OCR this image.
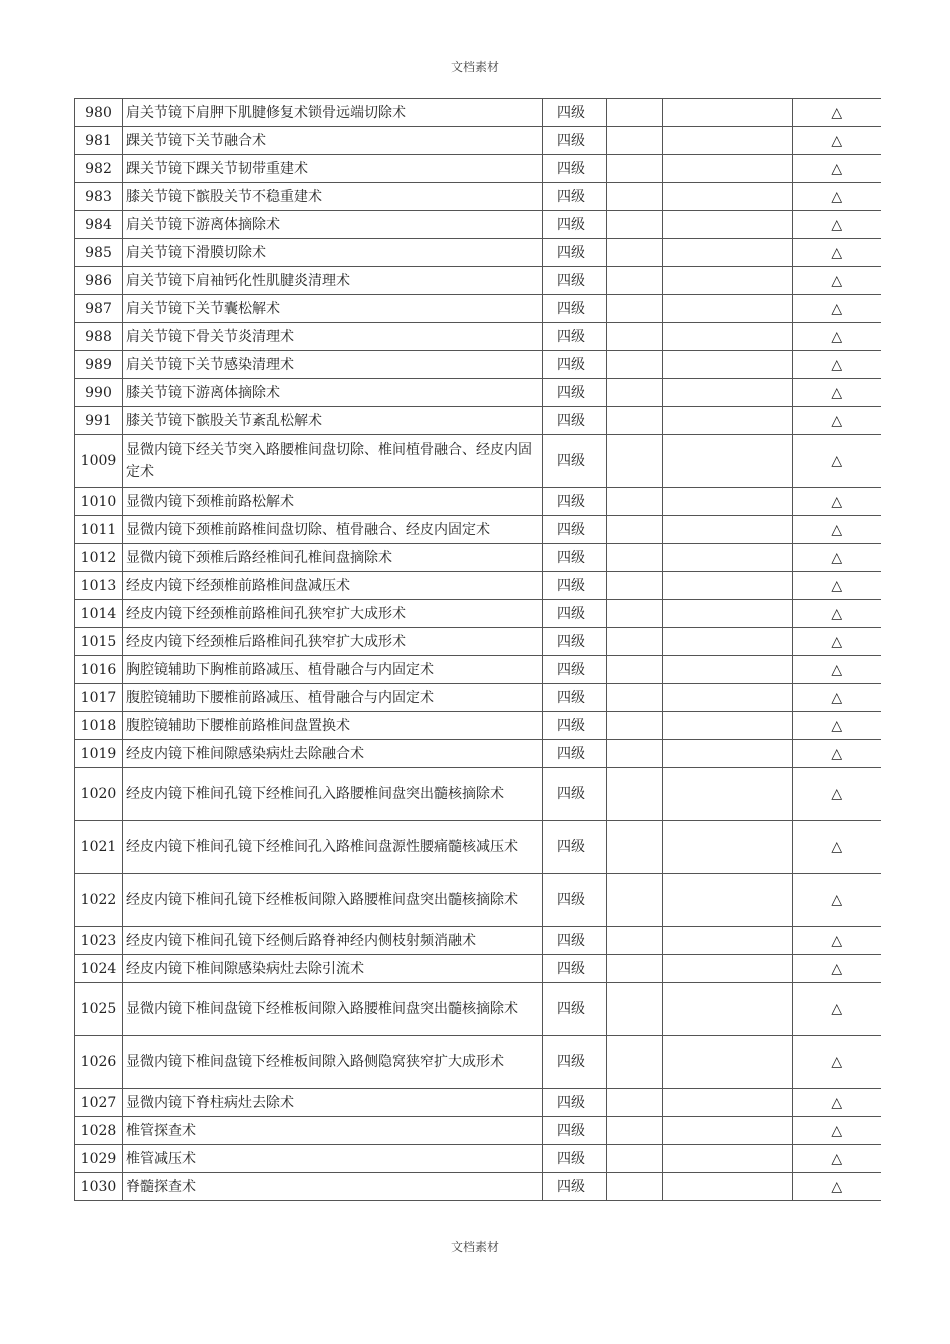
文档素材
980	肩关节镜下肩胛下肌腱修复术锁骨远端切除术	四级			△
981	踝关节镜下关节融合术	四级			△
982	踝关节镜下踝关节韧带重建术	四级			△
983	膝关节镜下髌股关节不稳重建术	四级			△
984	肩关节镜下游离体摘除术	四级			△
985	肩关节镜下滑膜切除术	四级			△
986	肩关节镜下肩袖钙化性肌腱炎清理术	四级			△
987	肩关节镜下关节囊松解术	四级			△
988	肩关节镜下骨关节炎清理术	四级			△
989	肩关节镜下关节感染清理术	四级			△
990	膝关节镜下游离体摘除术	四级			△
991	膝关节镜下髌股关节紊乱松解术	四级			△
1009	显微内镜下经关节突入路腰椎间盘切除、椎间植骨融合、经皮内固定术	四级			△
1010	显微内镜下颈椎前路松解术	四级			△
1011	显微内镜下颈椎前路椎间盘切除、植骨融合、经皮内固定术	四级			△
1012	显微内镜下颈椎后路经椎间孔椎间盘摘除术	四级			△
1013	经皮内镜下经颈椎前路椎间盘减压术	四级			△
1014	经皮内镜下经颈椎前路椎间孔狭窄扩大成形术	四级			△
1015	经皮内镜下经颈椎后路椎间孔狭窄扩大成形术	四级			△
1016	胸腔镜辅助下胸椎前路减压、植骨融合与内固定术	四级			△
1017	腹腔镜辅助下腰椎前路减压、植骨融合与内固定术	四级			△
1018	腹腔镜辅助下腰椎前路椎间盘置换术	四级			△
1019	经皮内镜下椎间隙感染病灶去除融合术	四级			△
1020	经皮内镜下椎间孔镜下经椎间孔入路腰椎间盘突出髓核摘除术	四级			△
1021	经皮内镜下椎间孔镜下经椎间孔入路椎间盘源性腰痛髓核减压术	四级			△
1022	经皮内镜下椎间孔镜下经椎板间隙入路腰椎间盘突出髓核摘除术	四级			△
1023	经皮内镜下椎间孔镜下经侧后路脊神经内侧枝射频消融术	四级			△
1024	经皮内镜下椎间隙感染病灶去除引流术	四级			△
1025	显微内镜下椎间盘镜下经椎板间隙入路腰椎间盘突出髓核摘除术	四级			△
1026	显微内镜下椎间盘镜下经椎板间隙入路侧隐窝狭窄扩大成形术	四级			△
1027	显微内镜下脊柱病灶去除术	四级			△
1028	椎管探查术	四级			△
1029	椎管减压术	四级			△
1030	脊髓探查术	四级			△
文档素材
